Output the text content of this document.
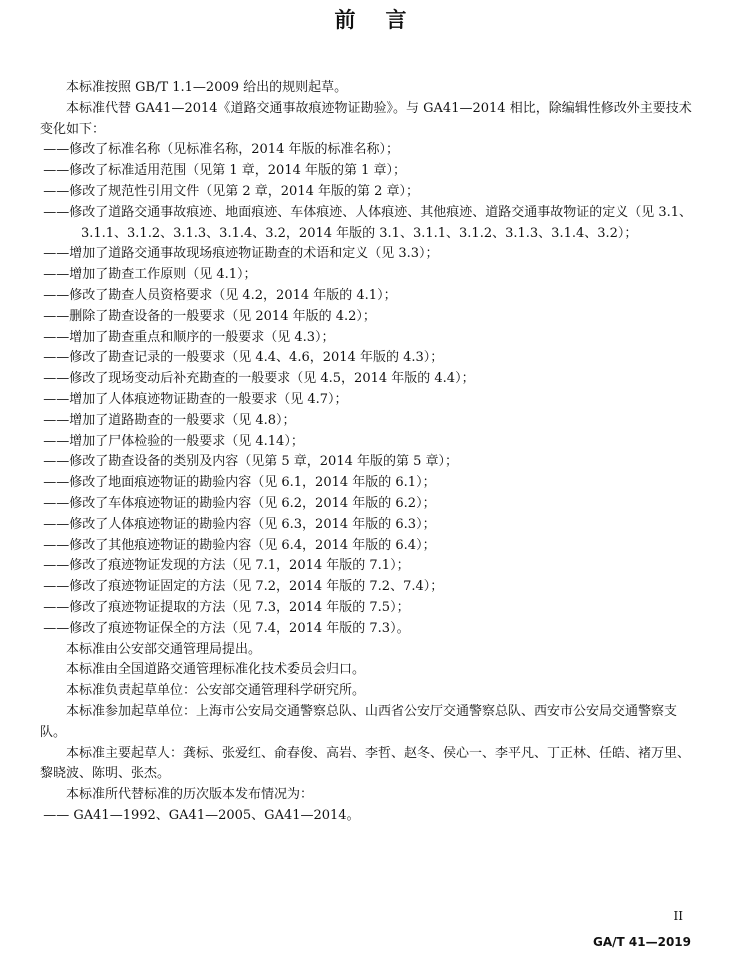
前言

本标准按照 GB/T 1.1—2009 给出的规则起草。

本标准代替 GA41—2014《道路交通事故痕迹物证勘验》。与 GA41—2014 相比，除编辑性修改外主要技术变化如下：

——修改了标准名称（见标准名称，2014 年版的标准名称）；

——修改了标准适用范围（见第 1 章，2014 年版的第 1 章）；

——修改了规范性引用文件（见第 2 章，2014 年版的第 2 章）；

——修改了道路交通事故痕迹、地面痕迹、车体痕迹、人体痕迹、其他痕迹、道路交通事故物证的定义（见 3.1、3.1.1、3.1.2、3.1.3、3.1.4、3.2，2014 年版的 3.1、3.1.1、3.1.2、3.1.3、3.1.4、3.2）；

——增加了道路交通事故现场痕迹物证勘查的术语和定义（见 3.3）；

——增加了勘查工作原则（见 4.1）；

——修改了勘查人员资格要求（见 4.2，2014 年版的 4.1）；

——删除了勘查设备的一般要求（见 2014 年版的 4.2）；

——增加了勘查重点和顺序的一般要求（见 4.3）；

——修改了勘查记录的一般要求（见 4.4、4.6，2014 年版的 4.3）；

——修改了现场变动后补充勘查的一般要求（见 4.5，2014 年版的 4.4）；

——增加了人体痕迹物证勘查的一般要求（见 4.7）；

——增加了道路勘查的一般要求（见 4.8）；

——增加了尸体检验的一般要求（见 4.14）；

——修改了勘查设备的类别及内容（见第 5 章，2014 年版的第 5 章）；

——修改了地面痕迹物证的勘验内容（见 6.1，2014 年版的 6.1）；

——修改了车体痕迹物证的勘验内容（见 6.2，2014 年版的 6.2）；

——修改了人体痕迹物证的勘验内容（见 6.3，2014 年版的 6.3）；

——修改了其他痕迹物证的勘验内容（见 6.4，2014 年版的 6.4）；

——修改了痕迹物证发现的方法（见 7.1，2014 年版的 7.1）；

——修改了痕迹物证固定的方法（见 7.2，2014 年版的 7.2、7.4）；

——修改了痕迹物证提取的方法（见 7.3，2014 年版的 7.5）；

——修改了痕迹物证保全的方法（见 7.4，2014 年版的 7.3）。

本标准由公安部交通管理局提出。

本标准由全国道路交通管理标准化技术委员会归口。

本标准负责起草单位：公安部交通管理科学研究所。

本标准参加起草单位：上海市公安局交通警察总队、山西省公安厅交通警察总队、西安市公安局交通警察支队。

本标准主要起草人：龚标、张爱红、俞春俊、高岩、李哲、赵冬、侯心一、李平凡、丁正林、任皓、褚万里、黎晓波、陈明、张杰。

本标准所代替标准的历次版本发布情况为：

—— GA41—1992、GA41—2005、GA41—2014。

II
GA/T 41—2019
